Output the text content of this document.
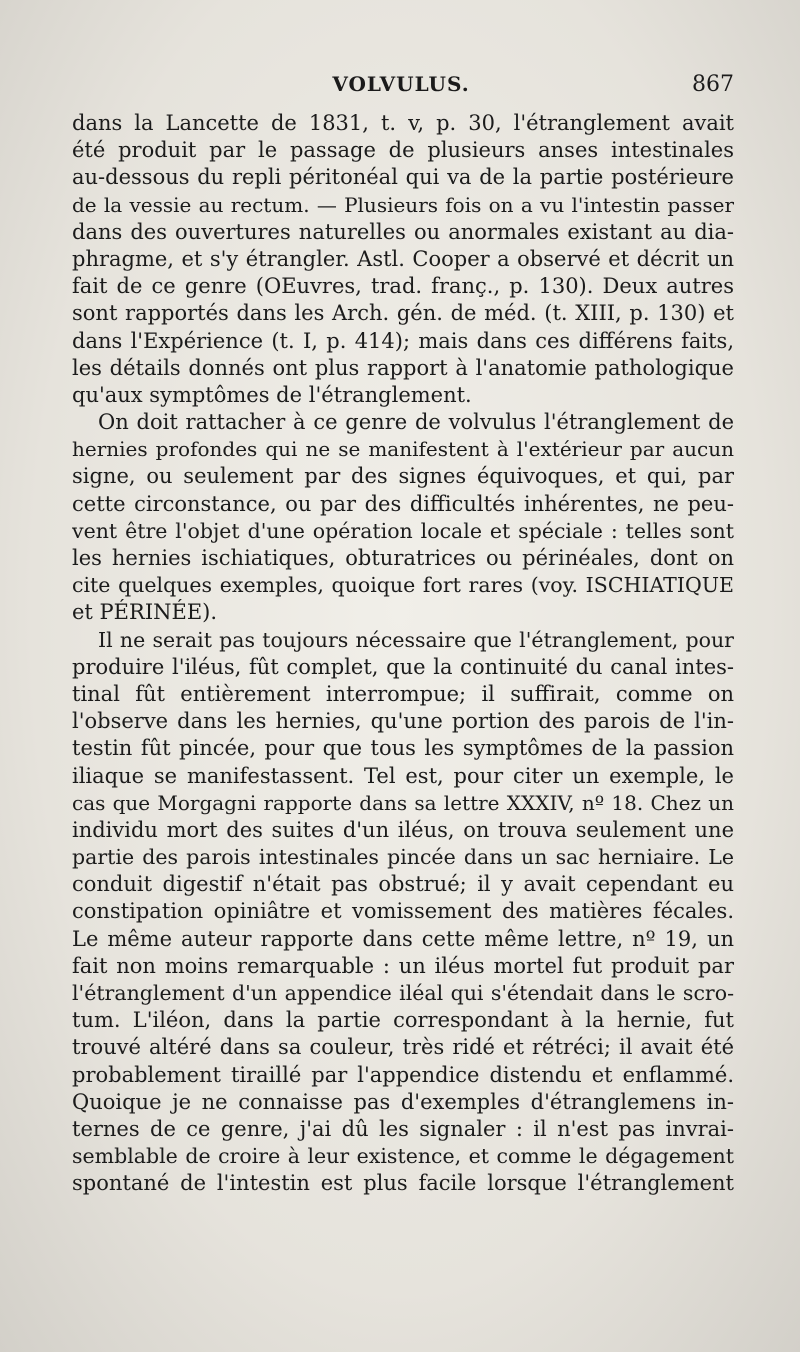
VOLVULUS.	867
dans la Lancette de 1831, t. v, p. 30, l'étranglement avait
été produit par le passage de plusieurs anses intestinales
au-dessous du repli péritonéal qui va de la partie postérieure
de la vessie au rectum. — Plusieurs fois on a vu l'intestin passer
dans des ouvertures naturelles ou anormales existant au dia-
phragme, et s'y étrangler. Astl. Cooper a observé et décrit un
fait de ce genre (OEuvres, trad. franç., p. 130). Deux autres
sont rapportés dans les Arch. gén. de méd. (t. XIII, p. 130) et
dans l'Expérience (t. I, p. 414); mais dans ces différens faits,
les détails donnés ont plus rapport à l'anatomie pathologique
qu'aux symptômes de l'étranglement.
On doit rattacher à ce genre de volvulus l'étranglement de
hernies profondes qui ne se manifestent à l'extérieur par aucun
signe, ou seulement par des signes équivoques, et qui, par
cette circonstance, ou par des difficultés inhérentes, ne peu-
vent être l'objet d'une opération locale et spéciale : telles sont
les hernies ischiatiques, obturatrices ou périnéales, dont on
cite quelques exemples, quoique fort rares (voy. ISCHIATIQUE
et PÉRINÉE).
Il ne serait pas toujours nécessaire que l'étranglement, pour
produire l'iléus, fût complet, que la continuité du canal intes-
tinal fût entièrement interrompue; il suffirait, comme on
l'observe dans les hernies, qu'une portion des parois de l'in-
testin fût pincée, pour que tous les symptômes de la passion
iliaque se manifestassent. Tel est, pour citer un exemple, le
cas que Morgagni rapporte dans sa lettre XXXIV, nº 18. Chez un
individu mort des suites d'un iléus, on trouva seulement une
partie des parois intestinales pincée dans un sac herniaire. Le
conduit digestif n'était pas obstrué; il y avait cependant eu
constipation opiniâtre et vomissement des matières fécales.
Le même auteur rapporte dans cette même lettre, nº 19, un
fait non moins remarquable : un iléus mortel fut produit par
l'étranglement d'un appendice iléal qui s'étendait dans le scro-
tum. L'iléon, dans la partie correspondant à la hernie, fut
trouvé altéré dans sa couleur, très ridé et rétréci; il avait été
probablement tiraillé par l'appendice distendu et enflammé.
Quoique je ne connaisse pas d'exemples d'étranglemens in-
ternes de ce genre, j'ai dû les signaler : il n'est pas invrai-
semblable de croire à leur existence, et comme le dégagement
spontané de l'intestin est plus facile lorsque l'étranglement
